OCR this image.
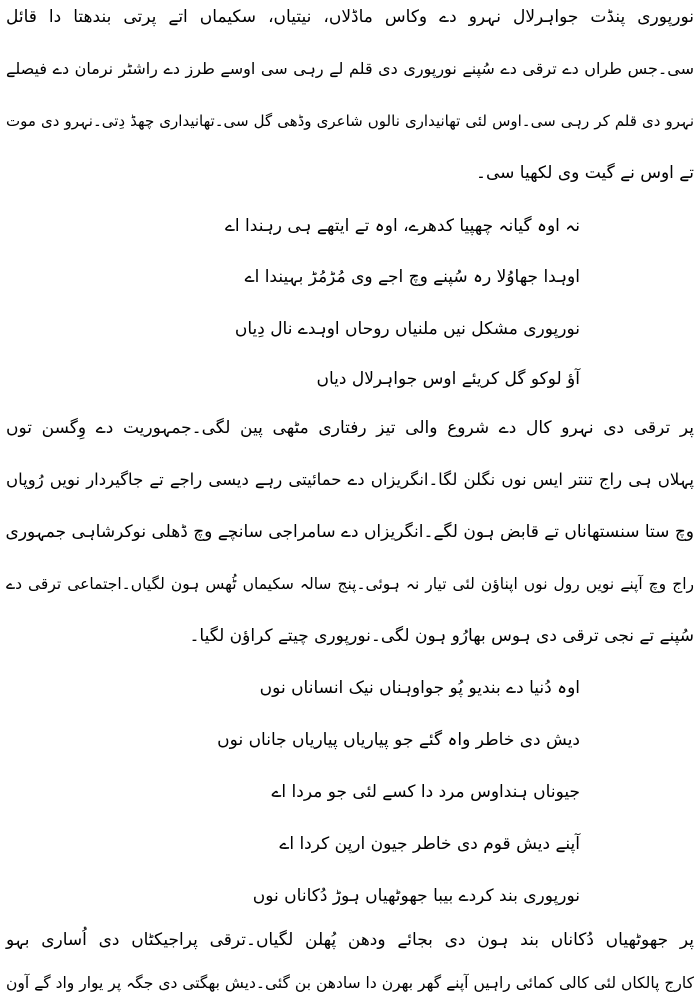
نورپوری پنڈت جواہرلال نہرو دے وکاس ماڈلاں، نیتیاں، سکیماں اتے پرتی بندھتا دا قائل
سی۔جس طراں دے ترقی دے سُپنے نورپوری دی قلم لے رہی سی اوسے طرز دے راشٹر نرمان دے فیصلے
نہرو دی قلم کر رہی سی۔اوس لئی تھانیداری نالوں شاعری وڈھی گل سی۔تھانیداری چھڈ دِتی۔نہرو دی موت
تے اوس نے گیت وی لکھیا سی۔
نہ اوہ گیانہ چھپیا کدھرے، اوہ تے ایتھے ہی رہندا اے
اوہدا جھاوُلا رہ سُپنے وچ اجے وی مُڑمُڑ بہیندا اے
نورپوری مشکل نیں ملنیاں روحاں اوہدے نال دِیاں
آؤ لوکو گل کریئے اوس جواہرلال دیاں
پر ترقی دی نہرو کال دے شروع والی تیز رفتاری مٹھی پین لگی۔جمہوریت دے وِگسن توں
پہلاں ہی راج تنتر ایس نوں نگلن لگا۔انگریزاں دے حمائیتی رہے دیسی راجے تے جاگیردار نویں رُوپاں
وچ ستا سنستھاناں تے قابض ہون لگے۔انگریزاں دے سامراجی سانچے وچ ڈھلی نوکرشاہی جمہوری
راج وچ آپنے نویں رول نوں اپناؤن لئی تیار نہ ہوئی۔پنج سالہ سکیماں ٹُھس ہون لگیاں۔اجتماعی ترقی دے
سُپنے تے نجی ترقی دی ہوس بھارُو ہون لگی۔نورپوری چیتے کراؤن لگیا۔
اوہ دُنیا دے بندیو پُو جواوہناں نیک انساناں نوں
دیش دی خاطر واہ گئے جو پیاریاں پیاریاں جاناں نوں
جیوناں ہنداوس مرد دا کسے لئی جو مردا اے
آپنے دیش قوم دی خاطر جیون ارپن کردا اے
نورپوری بند کردے بیبا جھوٹھیاں ہوڑ دُکاناں نوں
پر جھوٹھیاں دُکاناں بند ہون دی بجائے ودھن پُھلن لگیاں۔ترقی پراجیکٹاں دی اُساری بہو
کارج پالکاں لئی کالی کمائی راہیں آپنے گھر بھرن دا سادھن بن گئی۔دیش بھگتی دی جگہ پر یوار واد گے آون
